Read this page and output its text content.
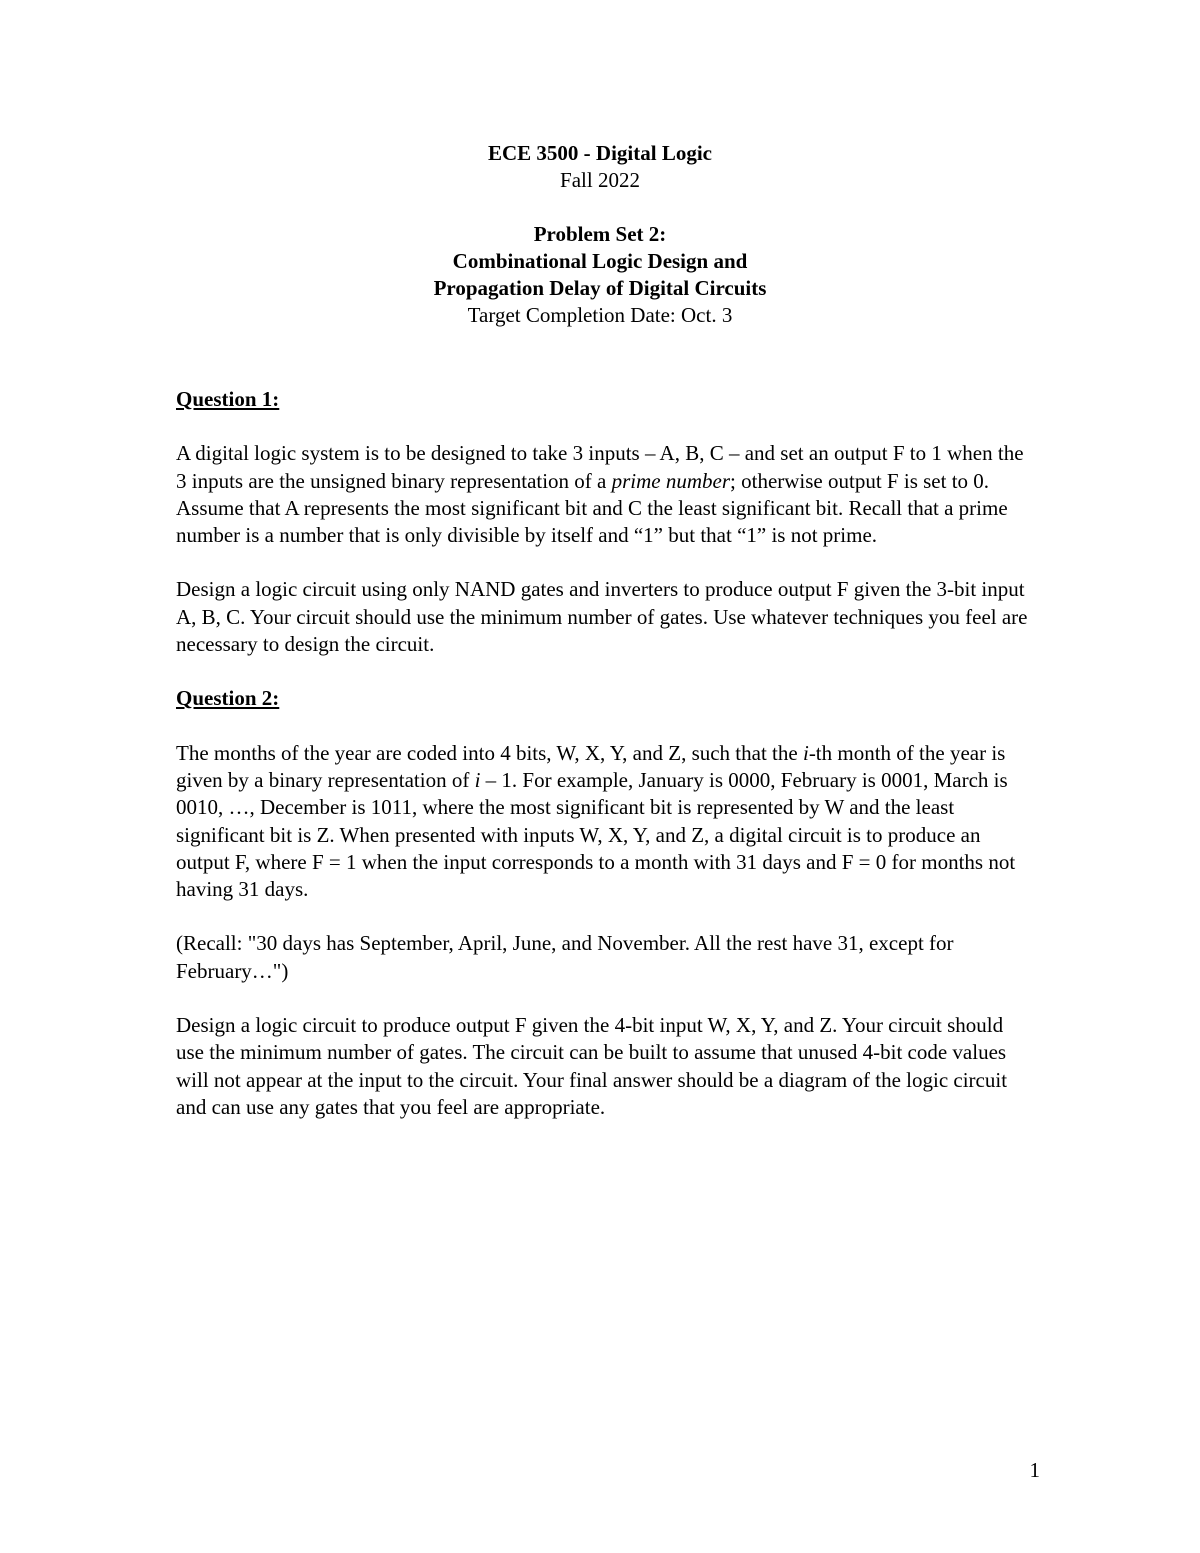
ECE 3500 - Digital Logic
Fall 2022
Problem Set 2:
Combinational Logic Design and
Propagation Delay of Digital Circuits
Target Completion Date: Oct. 3

Question 1:

A digital logic system is to be designed to take 3 inputs – A, B, C – and set an output F to 1 when the 3 inputs are the unsigned binary representation of a prime number; otherwise output F is set to 0. Assume that A represents the most significant bit and C the least significant bit. Recall that a prime number is a number that is only divisible by itself and “1” but that “1” is not prime.

Design a logic circuit using only NAND gates and inverters to produce output F given the 3-bit input A, B, C. Your circuit should use the minimum number of gates. Use whatever techniques you feel are necessary to design the circuit.

Question 2:

The months of the year are coded into 4 bits, W, X, Y, and Z, such that the i-th month of the year is given by a binary representation of i – 1. For example, January is 0000, February is 0001, March is 0010, …, December is 1011, where the most significant bit is represented by W and the least significant bit is Z. When presented with inputs W, X, Y, and Z, a digital circuit is to produce an output F, where F = 1 when the input corresponds to a month with 31 days and F = 0 for months not having 31 days.

(Recall: "30 days has September, April, June, and November. All the rest have 31, except for February…")

Design a logic circuit to produce output F given the 4-bit input W, X, Y, and Z. Your circuit should use the minimum number of gates. The circuit can be built to assume that unused 4-bit code values will not appear at the input to the circuit. Your final answer should be a diagram of the logic circuit and can use any gates that you feel are appropriate.

1
